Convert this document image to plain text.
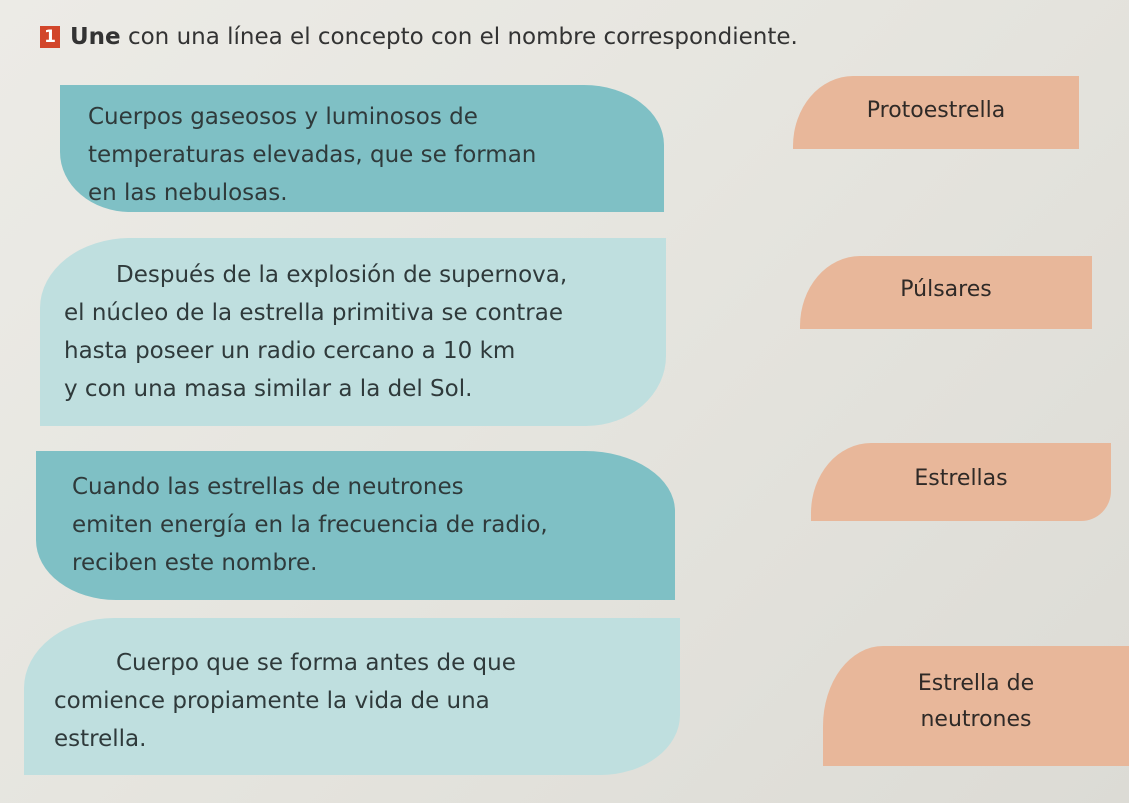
1 Une con una línea el concepto con el nombre correspondiente.
Cuerpos gaseosos y luminosos de
temperaturas elevadas, que se forman
en las nebulosas.
Después de la explosión de supernova,
el núcleo de la estrella primitiva se contrae
hasta poseer un radio cercano a 10 km
y con una masa similar a la del Sol.
Cuando las estrellas de neutrones
emiten energía en la frecuencia de radio,
reciben este nombre.
Cuerpo que se forma antes de que
comience propiamente la vida de una
estrella.
Protoestrella
Púlsares
Estrellas
Estrella de
neutrones
